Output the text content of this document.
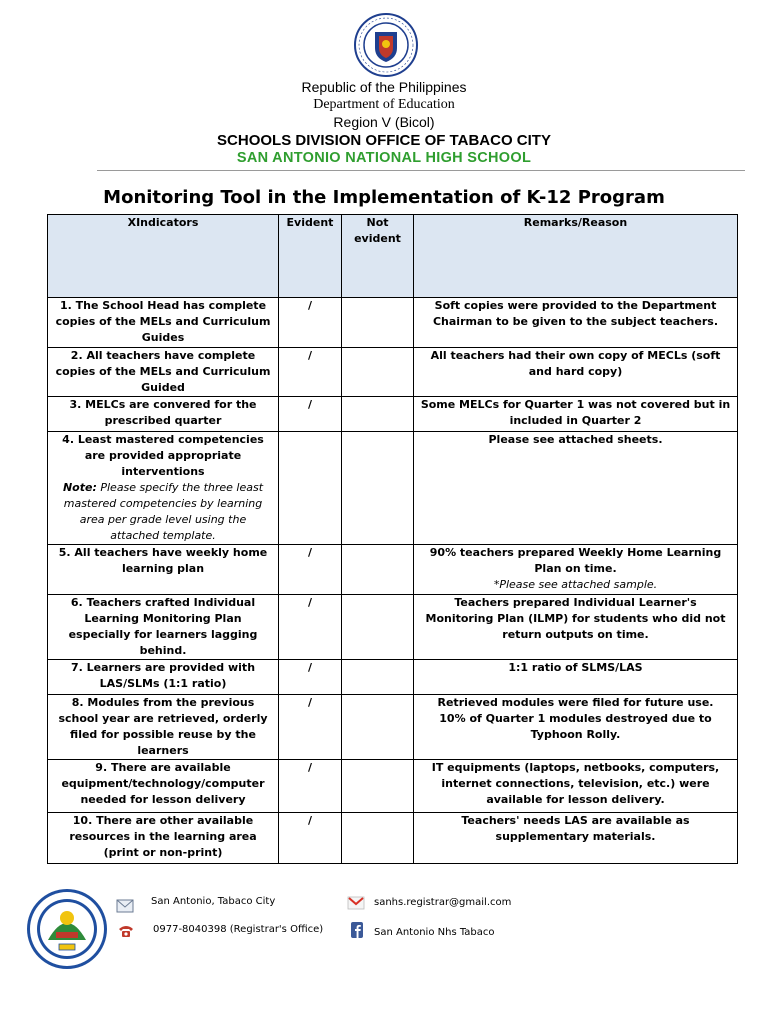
Republic of the Philippines
Department of Education
Region V (Bicol)
SCHOOLS DIVISION OFFICE OF TABACO CITY
SAN ANTONIO NATIONAL HIGH SCHOOL
Monitoring Tool in the Implementation of K-12 Program
XIndicators	Evident	Not evident	Remarks/Reason
1. The School Head has complete copies of the MELs and Curriculum Guides	/		Soft copies were provided to the Department Chairman to be given to the subject teachers.
2. All teachers have complete copies of the MELs and Curriculum Guided	/		All teachers had their own copy of MECLs (soft and hard copy)
3. MELCs are convered for the prescribed quarter	/		Some MELCs for Quarter 1 was not covered but in included in Quarter 2

4. Least mastered competencies are provided appropriate interventions
Note: Please specify the three least mastered competencies by learning area per grade level using the attached template.			Please see attached sheets.
5. All teachers have weekly home learning plan	/		90% teachers prepared Weekly Home Learning Plan on time.
*Please see attached sample.

6. Teachers crafted Individual Learning Monitoring Plan especially for learners lagging behind.	/		Teachers prepared Individual Learner's Monitoring Plan (ILMP) for students who did not return outputs on time.
7. Learners are provided with LAS/SLMs (1:1 ratio)	/		1:1 ratio of SLMS/LAS
8. Modules from the previous school year are retrieved, orderly filed for possible reuse by the learners	/		Retrieved modules were filed for future use.
10% of Quarter 1 modules destroyed due to Typhoon Rolly.

9. There are available equipment/technology/computer needed for lesson delivery	/		IT equipments (laptops, netbooks, computers, internet connections, television, etc.) were available for lesson delivery.
10. There are other available resources in the learning area (print or non-print)	/		Teachers' needs LAS are available as supplementary materials.
San Antonio, Tabaco City
0977-8040398 (Registrar's Office)
sanhs.registrar@gmail.com
San Antonio Nhs Tabaco
